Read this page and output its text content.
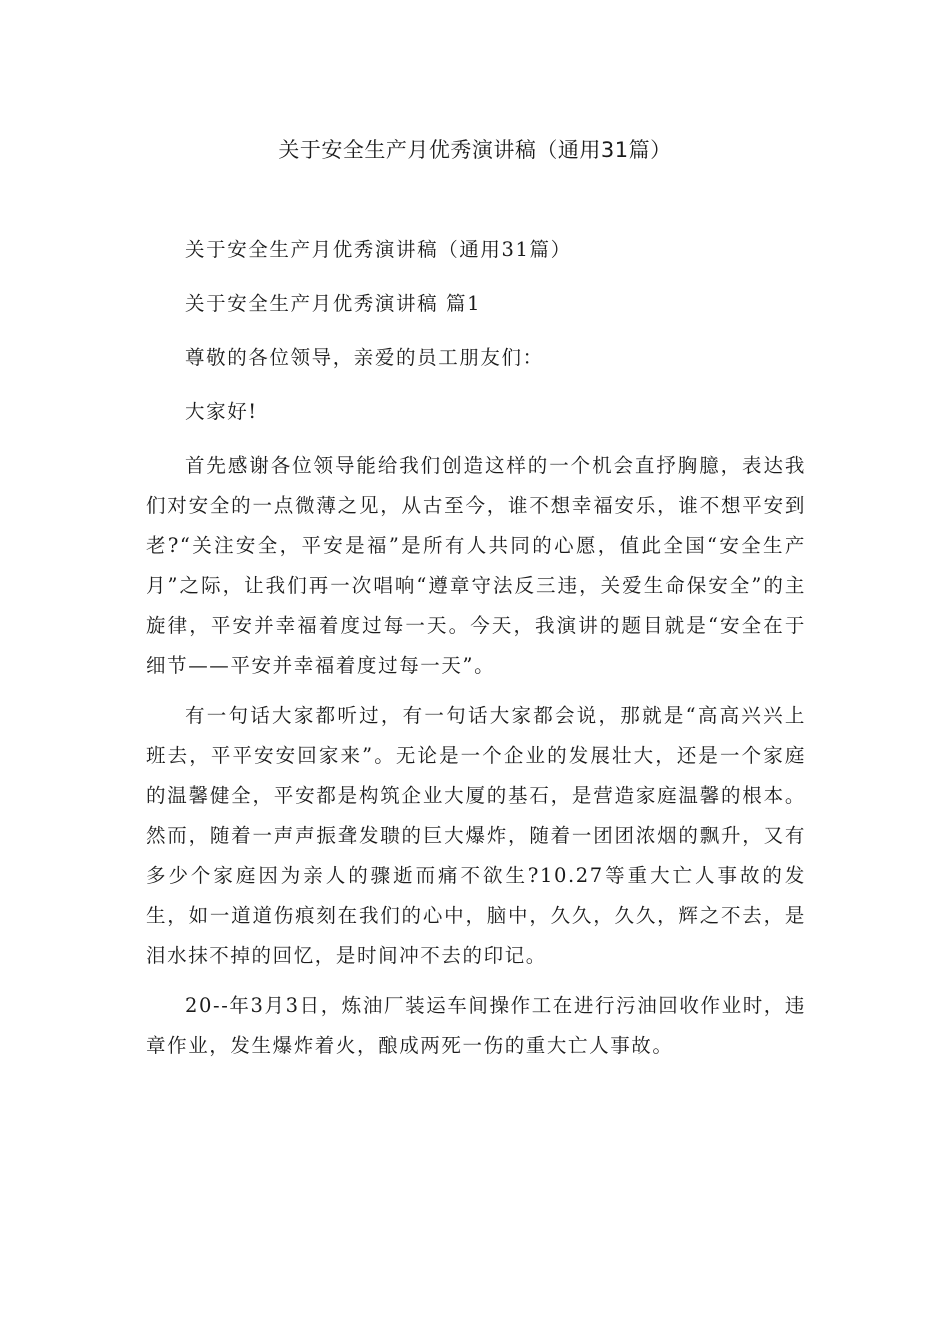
关于安全生产月优秀演讲稿（通用31篇）

关于安全生产月优秀演讲稿（通用31篇）

关于安全生产月优秀演讲稿 篇1

尊敬的各位领导，亲爱的员工朋友们：

大家好!

首先感谢各位领导能给我们创造这样的一个机会直抒胸臆，表达我们对安全的一点微薄之见，从古至今，谁不想幸福安乐，谁不想平安到老?“关注安全，平安是福”是所有人共同的心愿，值此全国“安全生产月”之际，让我们再一次唱响“遵章守法反三违，关爱生命保安全”的主旋律，平安并幸福着度过每一天。今天，我演讲的题目就是“安全在于细节——平安并幸福着度过每一天”。

有一句话大家都听过，有一句话大家都会说，那就是“高高兴兴上班去，平平安安回家来”。无论是一个企业的发展壮大，还是一个家庭的温馨健全，平安都是构筑企业大厦的基石，是营造家庭温馨的根本。然而，随着一声声振聋发聩的巨大爆炸，随着一团团浓烟的飘升，又有多少个家庭因为亲人的骤逝而痛不欲生?10.27等重大亡人事故的发生，如一道道伤痕刻在我们的心中，脑中，久久，久久，辉之不去，是泪水抹不掉的回忆，是时间冲不去的印记。

20--年3月3日，炼油厂装运车间操作工在进行污油回收作业时，违章作业，发生爆炸着火，酿成两死一伤的重大亡人事故。
